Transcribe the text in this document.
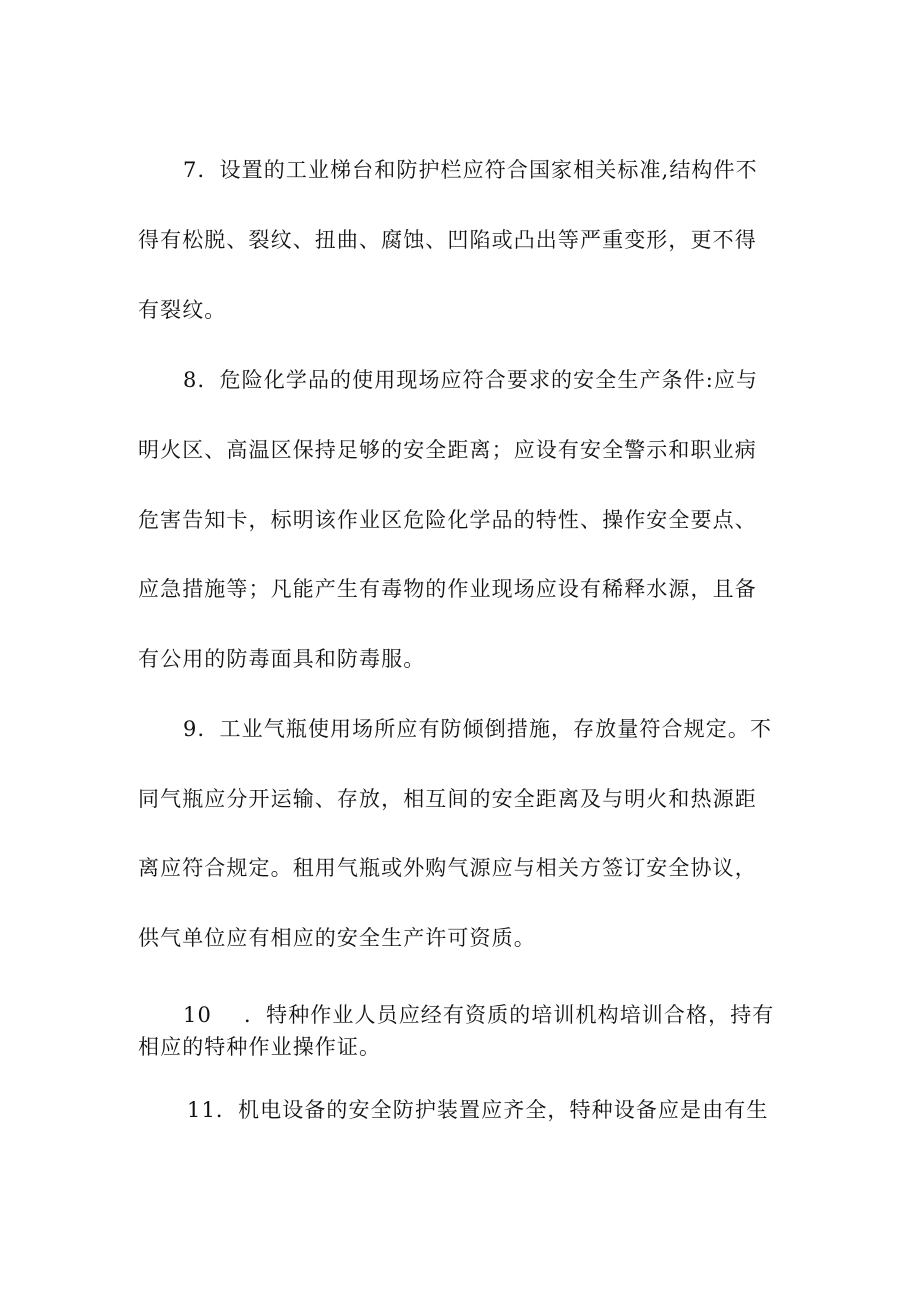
7．设置的工业梯台和防护栏应符合国家相关标准,结构件不
得有松脱、裂纹、扭曲、腐蚀、凹陷或凸出等严重变形，更不得
有裂纹。
8．危险化学品的使用现场应符合要求的安全生产条件:应与
明火区、高温区保持足够的安全距离；应设有安全警示和职业病
危害告知卡，标明该作业区危险化学品的特性、操作安全要点、
应急措施等；凡能产生有毒物的作业现场应设有稀释水源，且备
有公用的防毒面具和防毒服。
9．工业气瓶使用场所应有防倾倒措施，存放量符合规定。不
同气瓶应分开运输、存放，相互间的安全距离及与明火和热源距
离应符合规定。租用气瓶或外购气源应与相关方签订安全协议，
供气单位应有相应的安全生产许可资质。
10	．特种作业人员应经有资质的培训机构培训合格，持有
相应的特种作业操作证。
11．机电设备的安全防护装置应齐全，特种设备应是由有生
